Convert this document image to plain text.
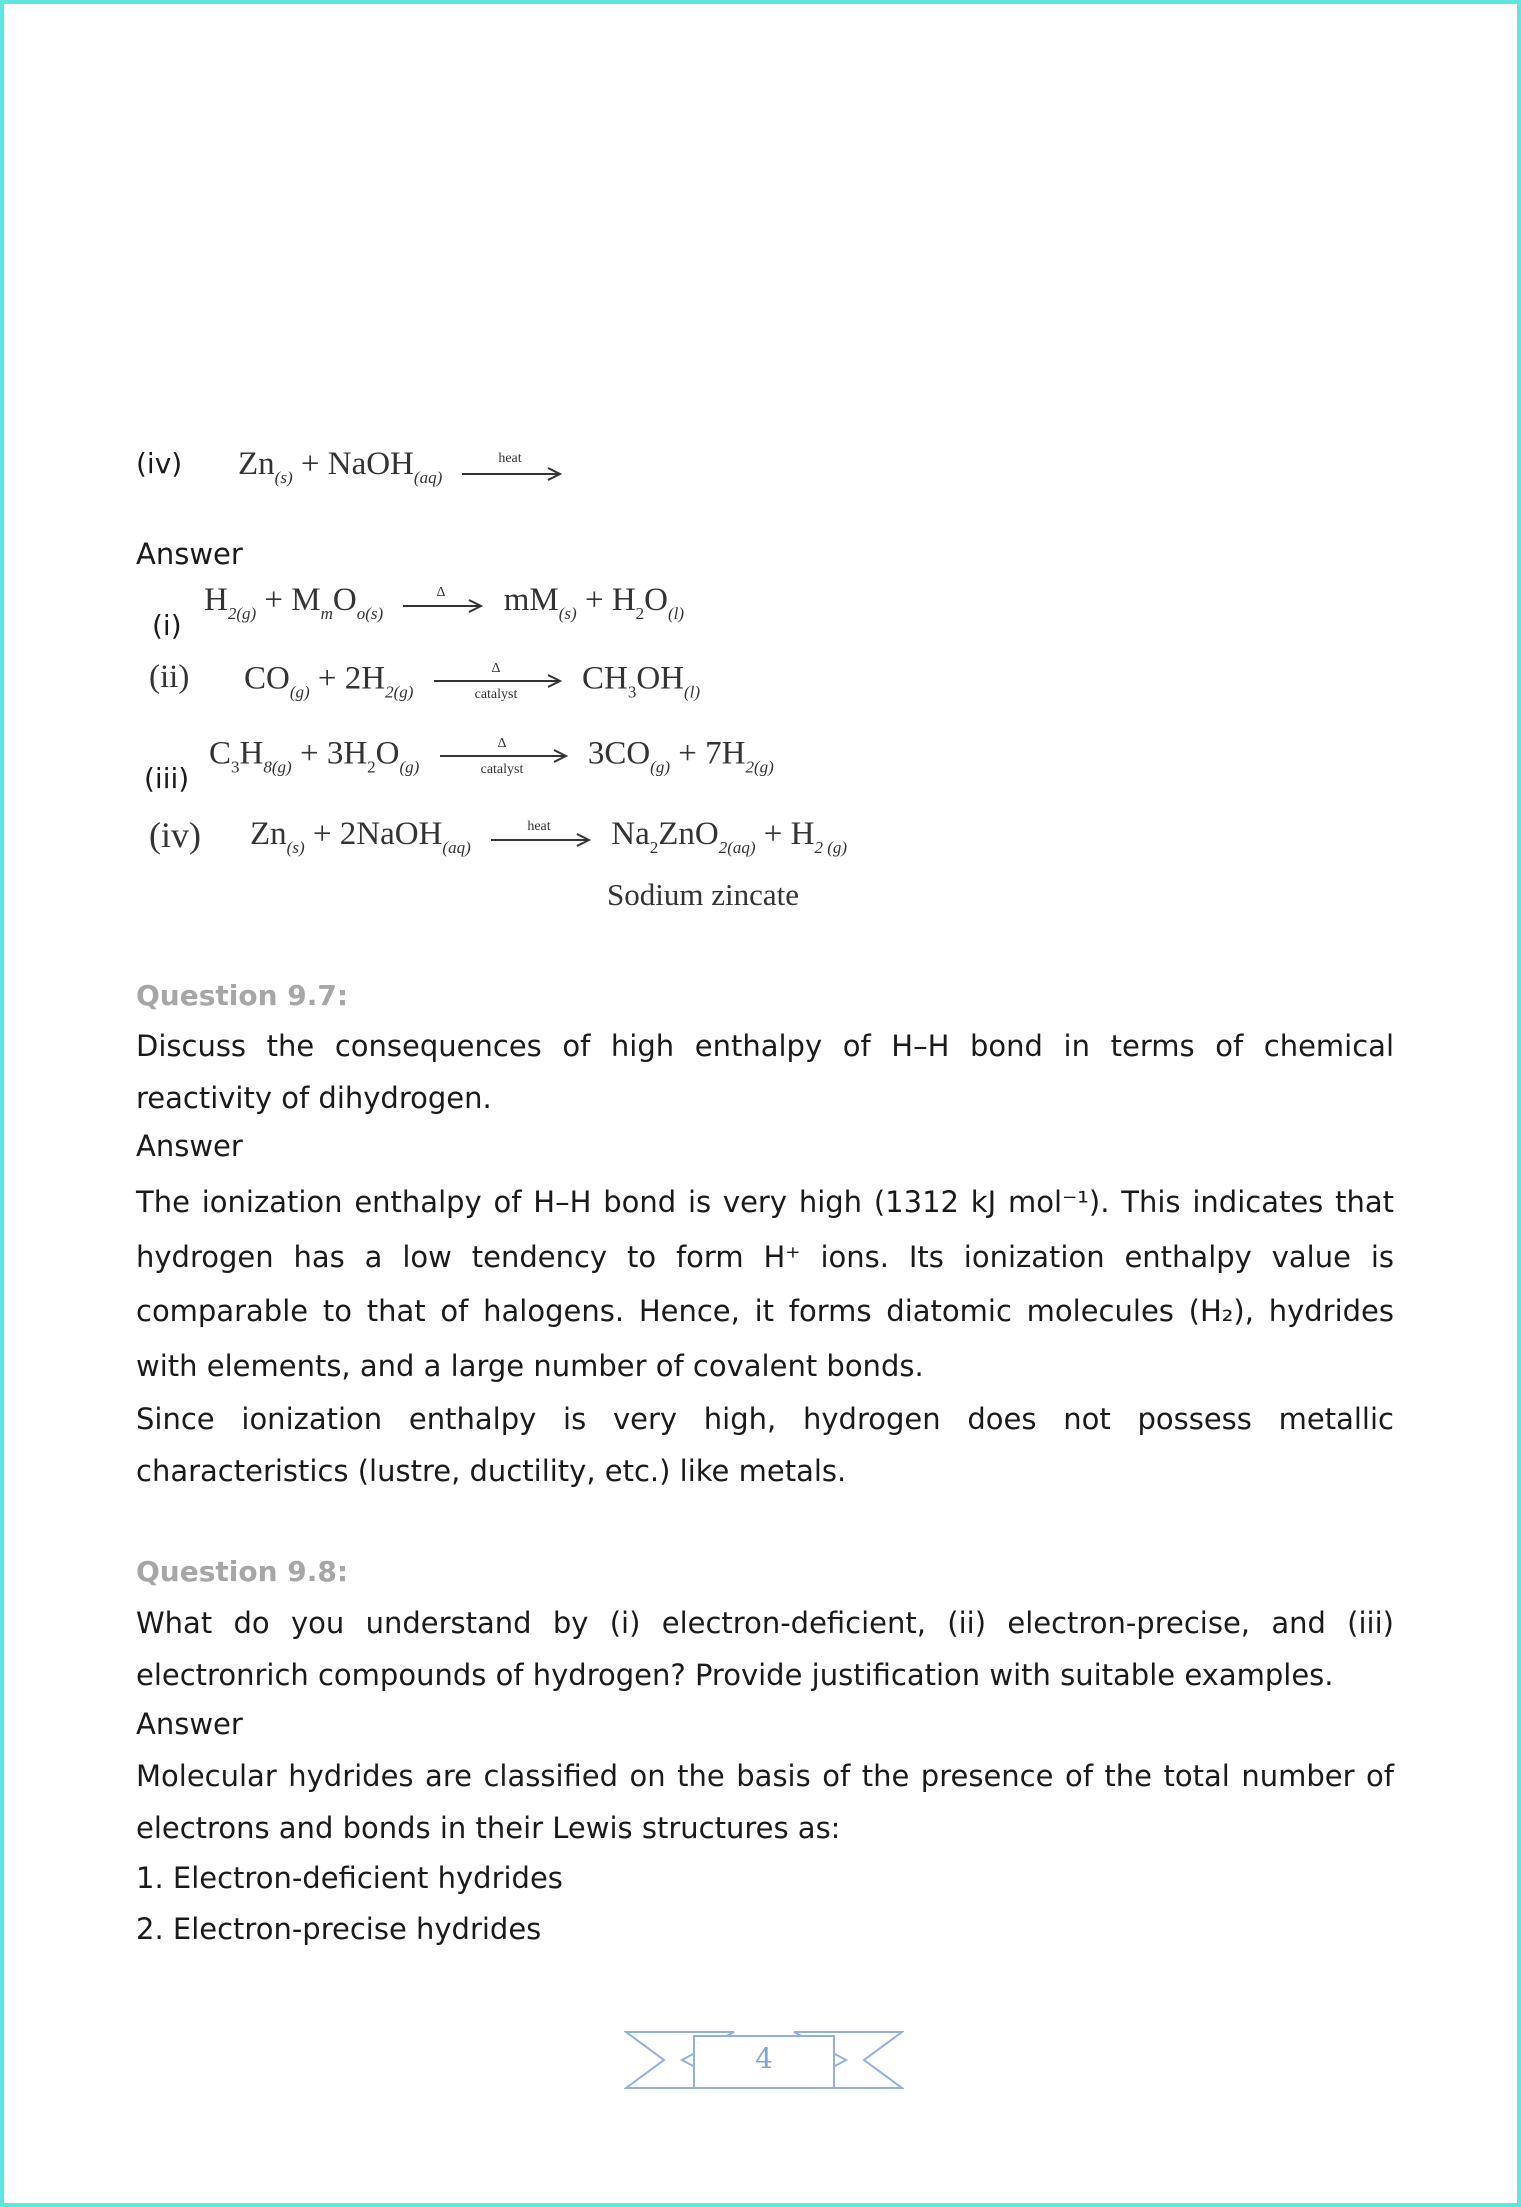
(iv) $Zn_{(s)}$ + NaOH$_{(aq)}$
heat

Answer

(i)
$H_{2(g)} + M_mO_{o(s)}$
Δ $mM_{(s)} + H_2O_{(l)}$
(ii) $CO_{(g)} + 2H_{2(g)}$
Δ
catalyst $CH_3OH_{(l)}$
(iii)
$C_3H_{8(g)} + 3H_2O_{(g)}$
Δ
catalyst $3CO_{(g)} + 7H_{2(g)}$
(iv) $Zn_{(s)}$ + 2NaOH$_{(aq)}$
heat $Na_2ZnO_{2(aq)} + H_{2 (g)}$
Sodium zincate

Question 9.7:

Discuss the consequences of high enthalpy of H–H bond in terms of chemical reactivity of dihydrogen.

Answer

The ionization enthalpy of H–H bond is very high (1312 kJ mol⁻¹). This indicates that hydrogen has a low tendency to form H⁺ ions. Its ionization enthalpy value is comparable to that of halogens. Hence, it forms diatomic molecules (H₂), hydrides with elements, and a large number of covalent bonds.

Since ionization enthalpy is very high, hydrogen does not possess metallic characteristics (lustre, ductility, etc.) like metals.

Question 9.8:

What do you understand by (i) electron-deficient, (ii) electron-precise, and (iii) electronrich compounds of hydrogen? Provide justification with suitable examples.

Answer

Molecular hydrides are classified on the basis of the presence of the total number of electrons and bonds in their Lewis structures as:

1. Electron-deficient hydrides

2. Electron-precise hydrides

4
